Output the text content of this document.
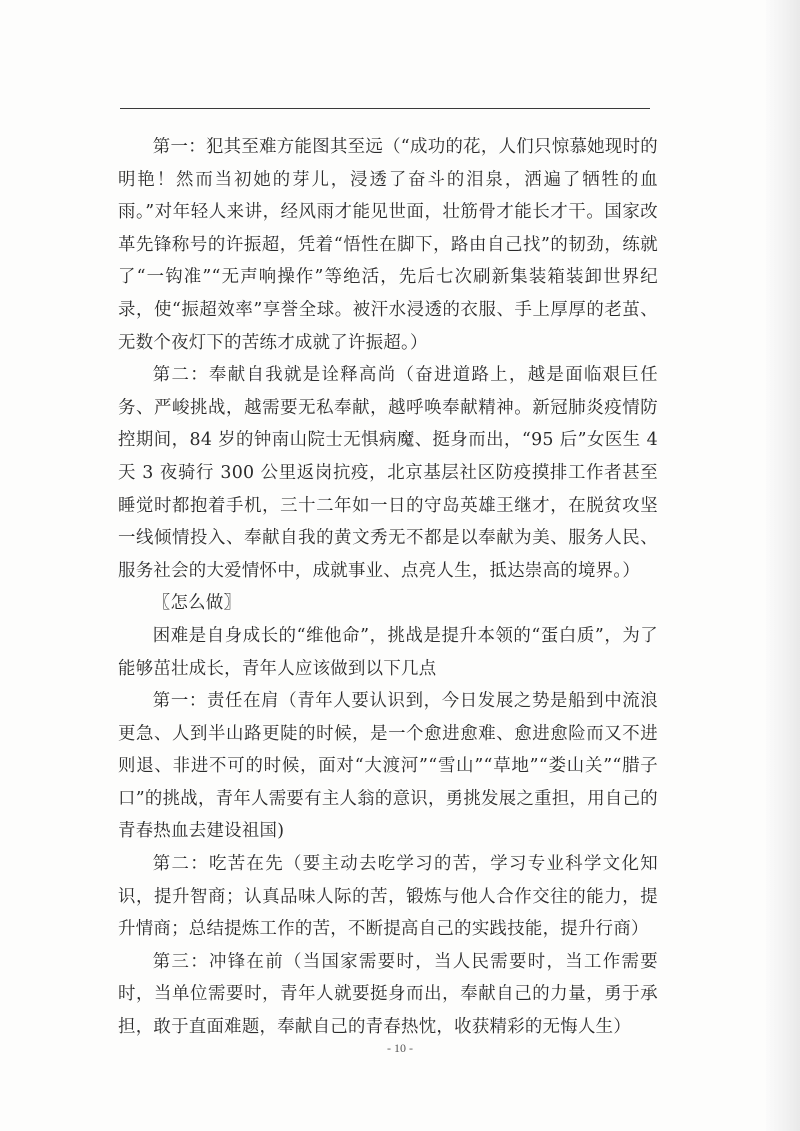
第一：犯其至难方能图其至远（“成功的花，人们只惊慕她现时的明艳！然而当初她的芽儿，浸透了奋斗的泪泉，洒遍了牺牲的血雨。”对年轻人来讲，经风雨才能见世面，壮筋骨才能长才干。国家改革先锋称号的许振超，凭着“悟性在脚下，路由自己找”的韧劲，练就了“一钩准”“无声响操作”等绝活，先后七次刷新集装箱装卸世界纪录，使“振超效率”享誉全球。被汗水浸透的衣服、手上厚厚的老茧、无数个夜灯下的苦练才成就了许振超。）

第二：奉献自我就是诠释高尚（奋进道路上，越是面临艰巨任务、严峻挑战，越需要无私奉献，越呼唤奉献精神。新冠肺炎疫情防控期间，84 岁的钟南山院士无惧病魔、挺身而出，“95 后”女医生 4 天 3 夜骑行 300 公里返岗抗疫，北京基层社区防疫摸排工作者甚至睡觉时都抱着手机，三十二年如一日的守岛英雄王继才，在脱贫攻坚一线倾情投入、奉献自我的黄文秀无不都是以奉献为美、服务人民、服务社会的大爱情怀中，成就事业、点亮人生，抵达崇高的境界。）

〖怎么做〗

困难是自身成长的“维他命”，挑战是提升本领的“蛋白质”，为了能够茁壮成长，青年人应该做到以下几点

第一：责任在肩（青年人要认识到，今日发展之势是船到中流浪更急、人到半山路更陡的时候，是一个愈进愈难、愈进愈险而又不进则退、非进不可的时候，面对“大渡河”“雪山”“草地”“娄山关”“腊子口”的挑战，青年人需要有主人翁的意识，勇挑发展之重担，用自己的青春热血去建设祖国)

第二：吃苦在先（要主动去吃学习的苦，学习专业科学文化知识，提升智商；认真品味人际的苦，锻炼与他人合作交往的能力，提升情商；总结提炼工作的苦，不断提高自己的实践技能，提升行商）

第三：冲锋在前（当国家需要时，当人民需要时，当工作需要时，当单位需要时，青年人就要挺身而出，奉献自己的力量，勇于承担，敢于直面难题，奉献自己的青春热忱，收获精彩的无悔人生）

- 10 -
